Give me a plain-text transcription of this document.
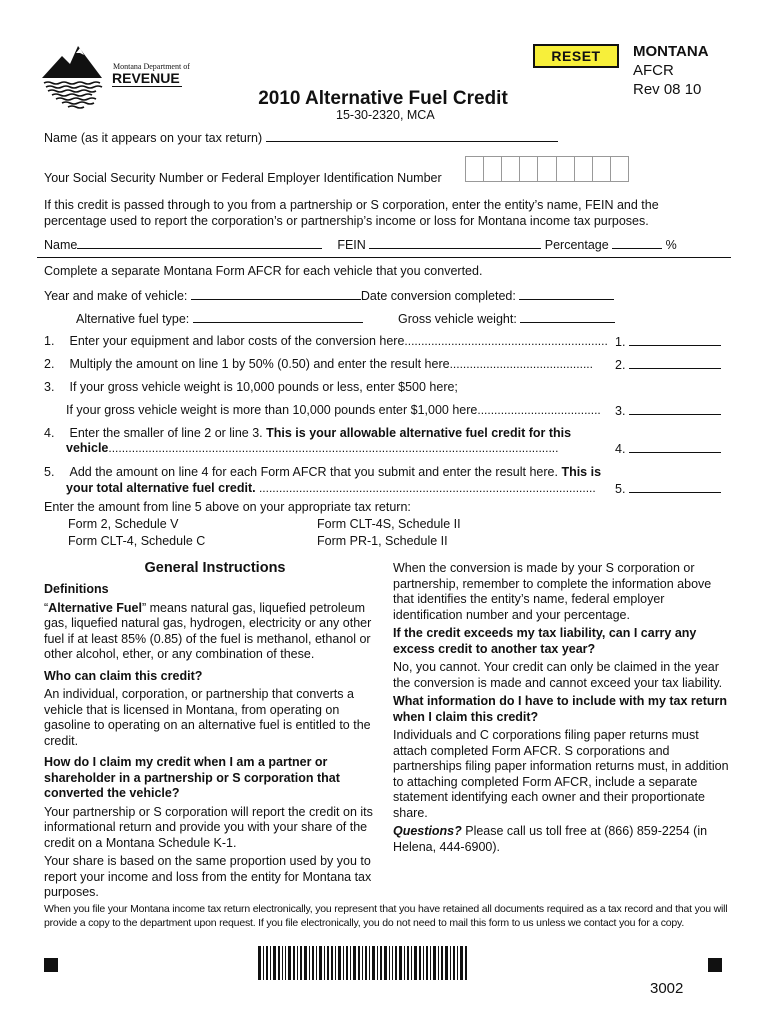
Montana Department of
REVENUE
RESET	MONTANA
AFCR
Rev 08 10
2010 Alternative Fuel Credit
15-30-2320, MCA
Name (as it appears on your tax return)
Your Social Security Number or Federal Employer Identification Number
If this credit is passed through to you from a partnership or S corporation, enter the entity’s name, FEIN and the percentage used to report the corporation’s or partnership’s income or loss for Montana income tax purposes.
Name	FEIN	Percentage	%
Complete a separate Montana Form AFCR for each vehicle that you converted.
Year and make of vehicle:	Date conversion completed:
Alternative fuel type:	Gross vehicle weight:
1. Enter your equipment and labor costs of the conversion here............................................................. 1.
2. Multiply the amount on line 1 by 50% (0.50) and enter the result here........................................... 2.
3. If your gross vehicle weight is 10,000 pounds or less, enter $500 here;
If your gross vehicle weight is more than 10,000 pounds enter $1,000 here..................................... 3.
4. Enter the smaller of line 2 or line 3. This is your allowable alternative fuel credit for this
vehicle.......................................................................................................................................	4.
5. Add the amount on line 4 for each Form AFCR that you submit and enter the result here. This is
your total alternative fuel credit. ..................................................................................................... 5.
Enter the amount from line 5 above on your appropriate tax return:
Form 2, Schedule V	Form CLT-4S, Schedule II
Form CLT-4, Schedule C	Form PR-1, Schedule II
General Instructions

Definitions

“Alternative Fuel” means natural gas, liquefied petroleum gas, liquefied natural gas, hydrogen, electricity or any other fuel if at least 85% (0.85) of the fuel is methanol, ethanol or other alcohol, ether, or any combination of these.

Who can claim this credit?

An individual, corporation, or partnership that converts a vehicle that is licensed in Montana, from operating on gasoline to operating on an alternative fuel is entitled to the credit.

How do I claim my credit when I am a partner or shareholder in a partnership or S corporation that converted the vehicle?

Your partnership or S corporation will report the credit on its informational return and provide you with your share of the credit on a Montana Schedule K-1.

Your share is based on the same proportion used by you to report your income and loss from the entity for Montana tax purposes.

When the conversion is made by your S corporation or partnership, remember to complete the information above that identifies the entity’s name, federal employer identification number and your percentage.

If the credit exceeds my tax liability, can I carry any excess credit to another tax year?

No, you cannot. Your credit can only be claimed in the year the conversion is made and cannot exceed your tax liability.

What information do I have to include with my tax return when I claim this credit?

Individuals and C corporations filing paper returns must attach completed Form AFCR. S corporations and partnerships filing paper information returns must, in addition to attaching completed Form AFCR, include a separate statement identifying each owner and their proportionate share.

Questions? Please call us toll free at (866) 859-2254 (in Helena, 444-6900).

When you file your Montana income tax return electronically, you represent that you have retained all documents required as a tax record and that you will provide a copy to the department upon request. If you file electronically, you do not need to mail this form to us unless we contact you for a copy.
3002
